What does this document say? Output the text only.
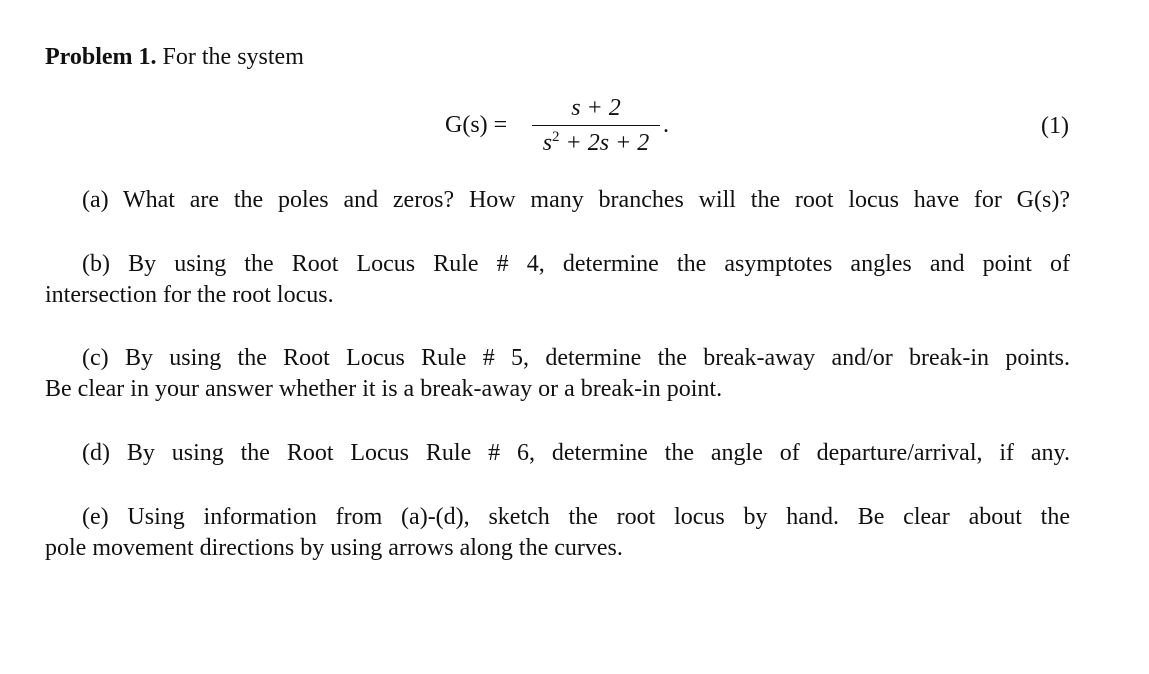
Problem 1. For the system
G(s) =
s + 2
$s^2 + 2s + 2$
.	(1)
(a) What are the poles and zeros? How many branches will the root locus have for G(s)?
(b) By using the Root Locus Rule # 4, determine the asymptotes angles and point of
intersection for the root locus.
(c) By using the Root Locus Rule # 5, determine the break-away and/or break-in points.
Be clear in your answer whether it is a break-away or a break-in point.
(d) By using the Root Locus Rule # 6, determine the angle of departure/arrival, if any.
(e) Using information from (a)-(d), sketch the root locus by hand. Be clear about the
pole movement directions by using arrows along the curves.
